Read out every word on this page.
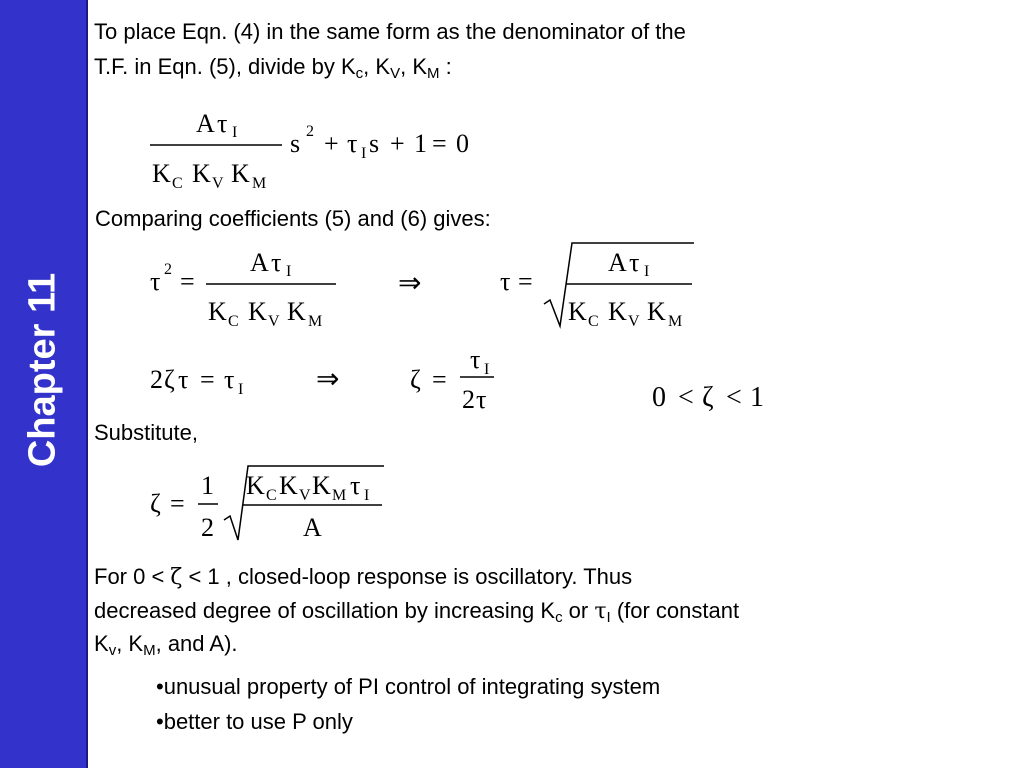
Chapter 11
To place Eqn. (4) in the same form as the denominator of the
T.F. in Eqn. (5), divide by $K_c$, $K_V$, $K_M$ :
A τ I
K C K V K M
s 2 + τ I s + 1 = 0
Comparing coefficients (5) and (6) gives:
τ 2 =
A τ I
K C K V K M
⇒	τ =
A τ I
K C K V K M
2 ζ τ = τ I	⇒	ζ =
τ I
2 τ	0 < ζ < 1
Substitute,
ζ =
1
2
K C K V K M τ I
A
For 0 < ζ < 1 , closed-loop response is oscillatory. Thus
decreased degree of oscillation by increasing $K_c$ or $\tau_I$ (for constant
$K_v$, $K_M$, and A).
•unusual property of PI control of integrating system
•better to use P only
